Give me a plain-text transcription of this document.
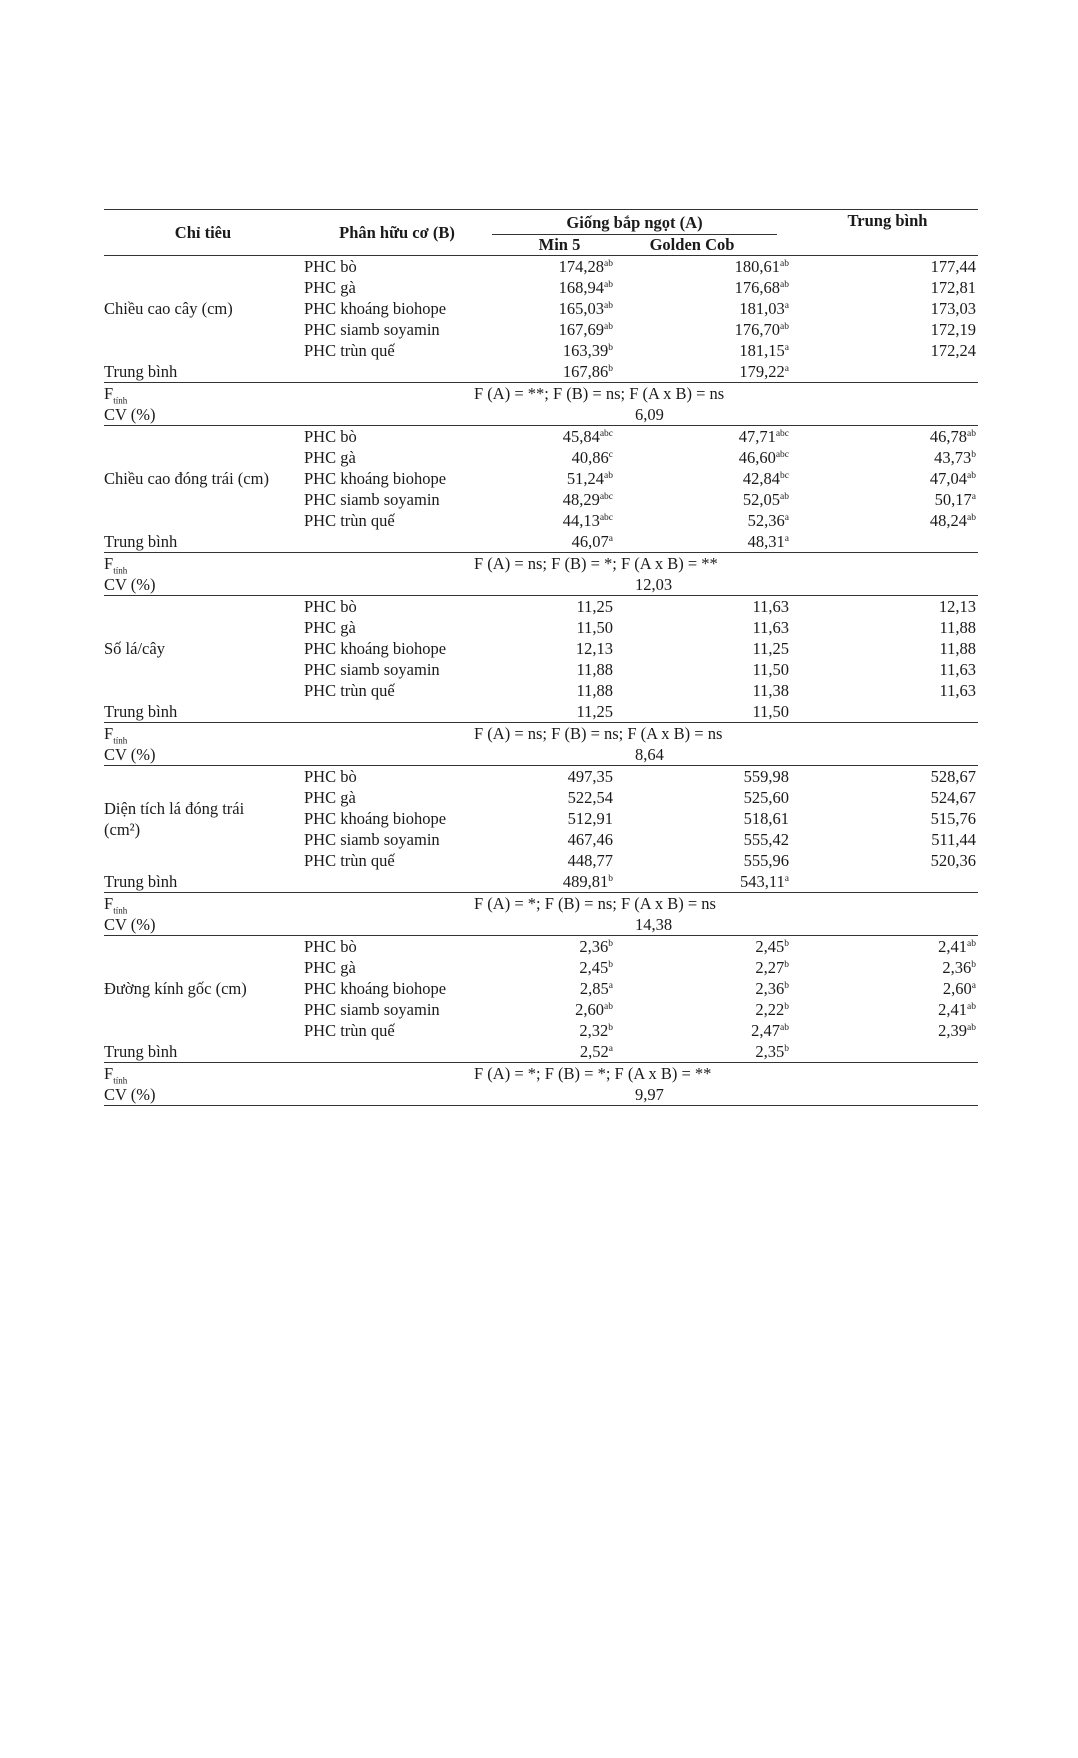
Chỉ tiêu	Phân hữu cơ (B)	Giống bắp ngọt (A)		Trung bình
		Min 5	Golden Cob	
Chiều cao cây (cm)	PHC bò	174,28$^{ab}$	180,61$^{ab}$	177,44
	PHC gà	168,94$^{ab}$	176,68$^{ab}$	172,81
	PHC khoáng biohope	165,03$^{ab}$	181,03$^a$	173,03
	PHC siamb soyamin	167,69$^{ab}$	176,70$^{ab}$	172,19
	PHC trùn quế	163,39$^b$	181,15$^a$	172,24
Trung bình		167,86$^b$	179,22$^a$	
$F_{tính}$	F (A) = **; F (B) = ns; F (A x B) = ns			
CV (%)	6,09			
Chiều cao đóng trái (cm)	PHC bò	45,84$^{abc}$	47,71$^{abc}$	46,78$^{ab}$
	PHC gà	40,86$^c$	46,60$^{abc}$	43,73$^b$
	PHC khoáng biohope	51,24$^{ab}$	42,84$^{bc}$	47,04$^{ab}$
	PHC siamb soyamin	48,29$^{abc}$	52,05$^{ab}$	50,17$^a$
	PHC trùn quế	44,13$^{abc}$	52,36$^a$	48,24$^{ab}$
Trung bình		46,07$^a$	48,31$^a$	
$F_{tính}$	F (A) = ns; F (B) = *; F (A x B) = **			
CV (%)	12,03			
Số lá/cây	PHC bò	11,25	11,63	12,13
	PHC gà	11,50	11,63	11,88
	PHC khoáng biohope	12,13	11,25	11,88
	PHC siamb soyamin	11,88	11,50	11,63
	PHC trùn quế	11,88	11,38	11,63
Trung bình		11,25	11,50	
$F_{tính}$	F (A) = ns; F (B) = ns; F (A x B) = ns			
CV (%)	8,64			
Diện tích lá đóng trái (cm²)	PHC bò	497,35	559,98	528,67
	PHC gà	522,54	525,60	524,67
	PHC khoáng biohope	512,91	518,61	515,76
	PHC siamb soyamin	467,46	555,42	511,44
	PHC trùn quế	448,77	555,96	520,36
Trung bình		489,81$^b$	543,11$^a$	
$F_{tính}$	F (A) = *; F (B) = ns; F (A x B) = ns			
CV (%)	14,38			
Đường kính gốc (cm)	PHC bò	2,36$^b$	2,45$^b$	2,41$^{ab}$
	PHC gà	2,45$^b$	2,27$^b$	2,36$^b$
	PHC khoáng biohope	2,85$^a$	2,36$^b$	2,60$^a$
	PHC siamb soyamin	2,60$^{ab}$	2,22$^b$	2,41$^{ab}$
	PHC trùn quế	2,32$^b$	2,47$^{ab}$	2,39$^{ab}$
Trung bình		2,52$^a$	2,35$^b$	
$F_{tính}$	F (A) = *; F (B) = *; F (A x B) = **			
CV (%)	9,97			
